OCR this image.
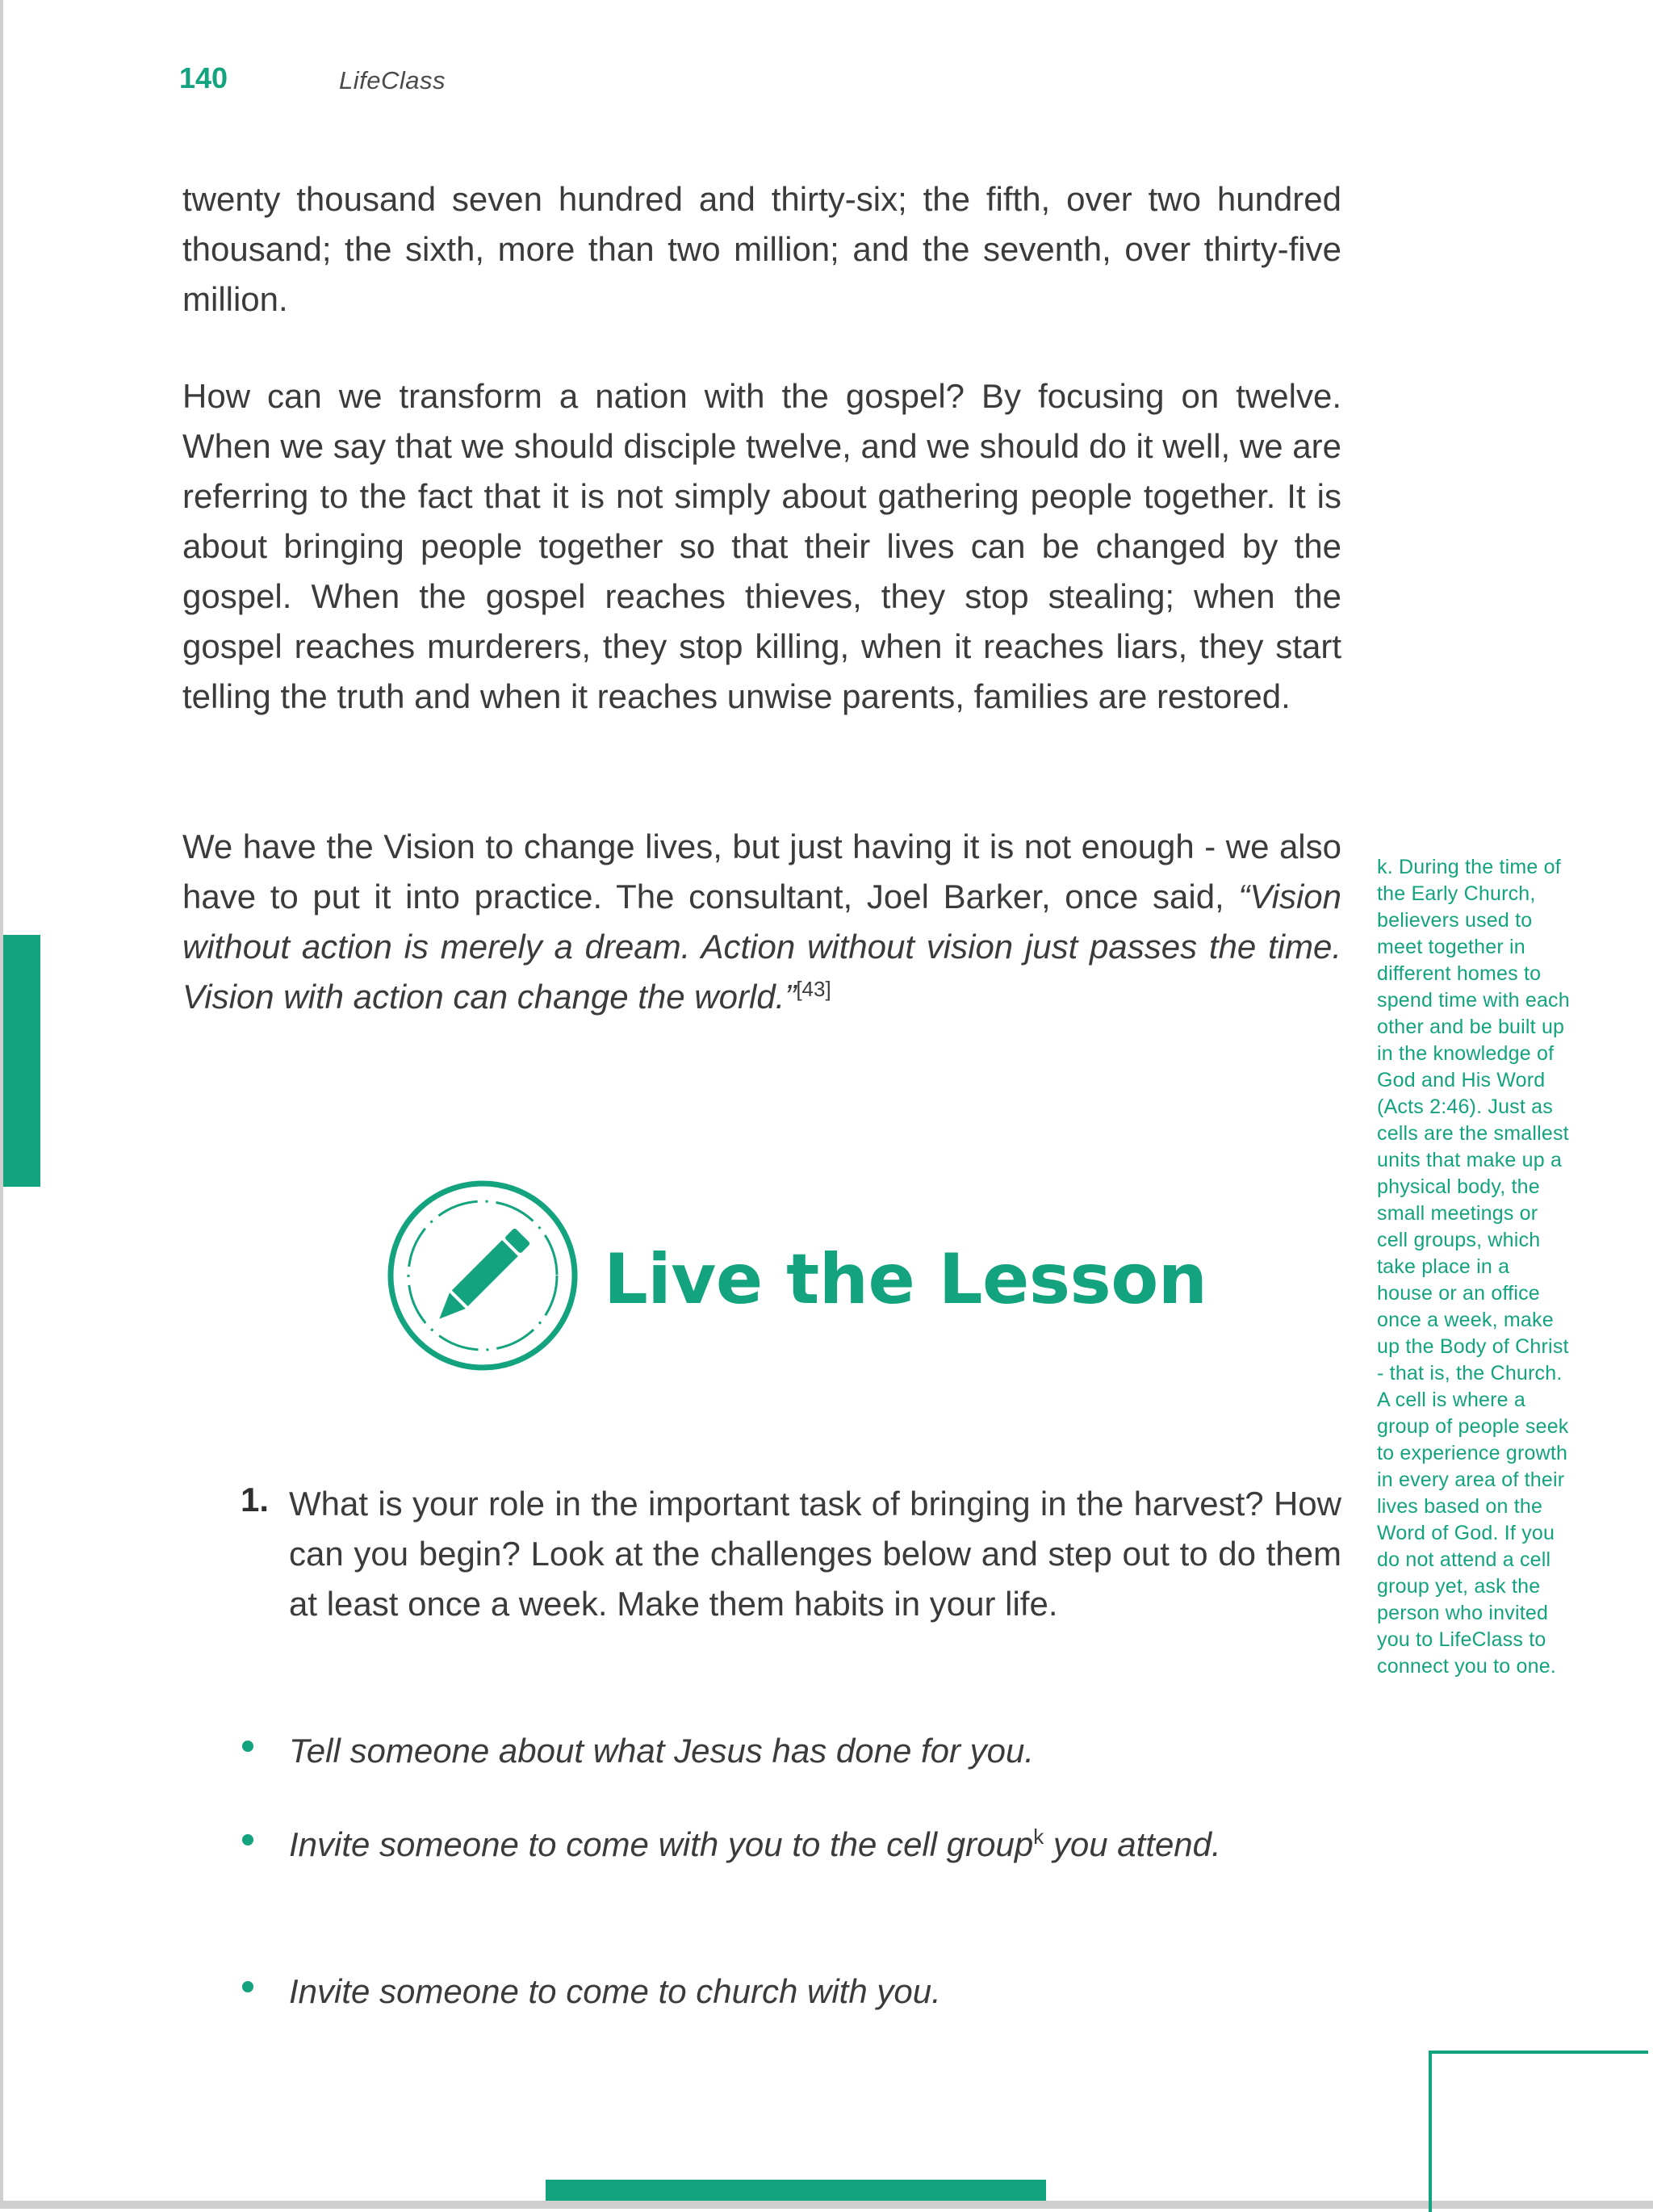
140	LifeClass

twenty thousand seven hundred and thirty-six; the fifth, over two hundred thousand; the sixth, more than two million; and the seventh, over thirty-five million.

How can we transform a nation with the gospel? By focusing on twelve. When we say that we should disciple twelve, and we should do it well, we are referring to the fact that it is not simply about gathering people together. It is about bringing people together so that their lives can be changed by the gospel. When the gospel reaches thieves, they stop stealing; when the gospel reaches murderers, they stop killing, when it reaches liars, they start telling the truth and when it reaches unwise parents, families are restored.

We have the Vision to change lives, but just having it is not enough - we also have to put it into practice. The consultant, Joel Barker, once said, “Vision without action is merely a dream. Action without vision just passes the time. Vision with action can change the world.”[43]

Live the Lesson
1. What is your role in the important task of bringing in the harvest? How can you begin? Look at the challenges below and step out to do them at least once a week. Make them habits in your life.

Tell someone about what Jesus has done for you.

Invite someone to come with you to the cell group$^k$ you attend.

Invite someone to come to church with you.

k. During the time of the Early Church, believers used to meet together in different homes to spend time with each other and be built up in the knowledge of God and His Word (Acts 2:46). Just as cells are the smallest units that make up a physical body, the small meetings or cell groups, which take place in a house or an office once a week, make up the Body of Christ - that is, the Church. A cell is where a group of people seek to experience growth in every area of their lives based on the Word of God. If you do not attend a cell group yet, ask the person who invited you to LifeClass to connect you to one.
